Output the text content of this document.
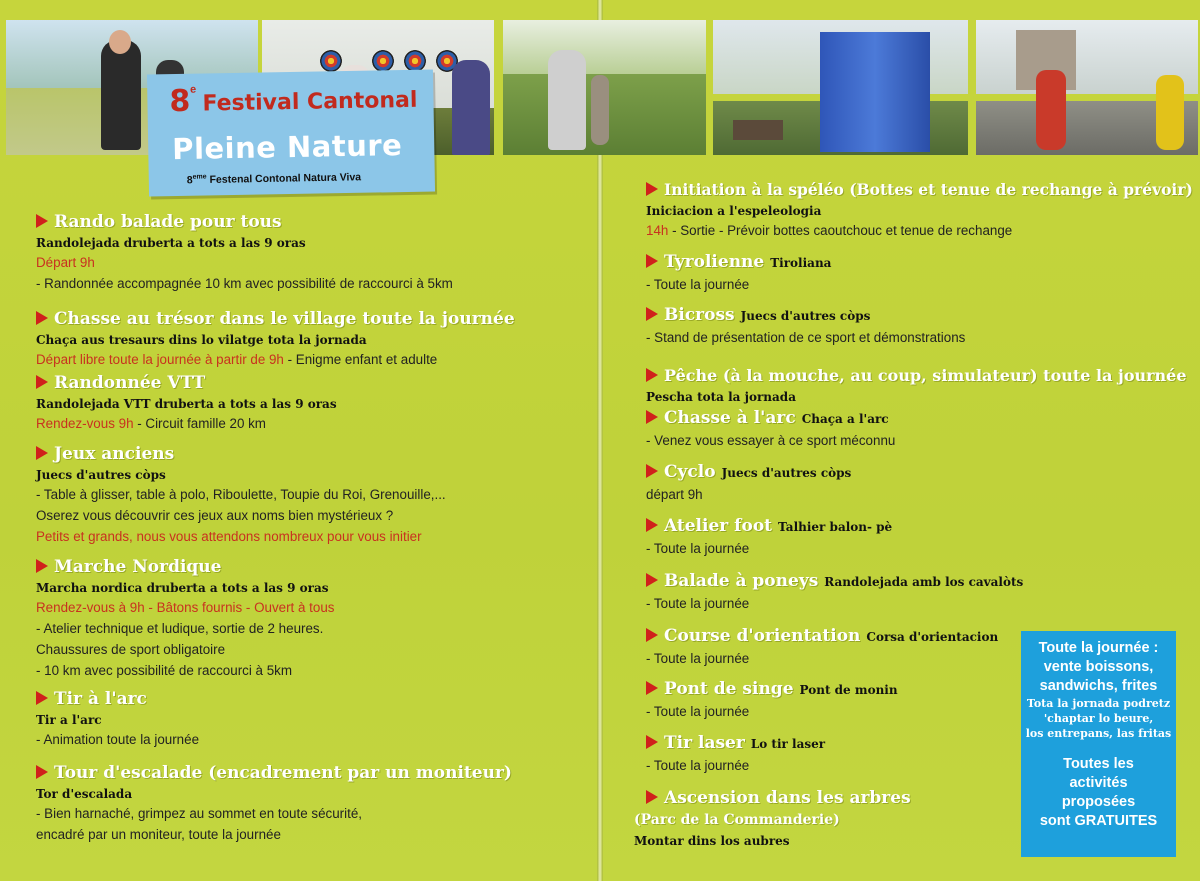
8e Festival Cantonal
Pleine Nature
8eme Festenal Contonal Natura Viva
Rando balade pour tous
Randolejada druberta a tots a las 9 oras
Départ 9h
- Randonnée accompagnée 10 km avec possibilité de raccourci à 5km
Chasse au trésor dans le village toute la journée
Chaça aus tresaurs dins lo vilatge tota la jornada
Départ libre toute la journée à partir de 9h - Enigme enfant et adulte
Randonnée VTT
Randolejada VTT druberta a tots a las 9 oras
Rendez-vous 9h - Circuit famille 20 km
Jeux anciens
Juecs d'autres còps
- Table à glisser, table à polo, Riboulette, Toupie du Roi, Grenouille,...
Oserez vous découvrir ces jeux aux noms bien mystérieux ?
Petits et grands, nous vous attendons nombreux pour vous initier
Marche Nordique
Marcha nordica druberta a tots a las 9 oras
Rendez-vous à 9h - Bâtons fournis - Ouvert à tous
- Atelier technique et ludique, sortie de 2 heures.
Chaussures de sport obligatoire
- 10 km avec possibilité de raccourci à 5km
Tir à l'arc
Tir a l'arc
- Animation toute la journée
Tour d'escalade (encadrement par un moniteur)
Tor d'escalada
- Bien harnaché, grimpez au sommet en toute sécurité,
encadré par un moniteur, toute la journée
Initiation à la spéléo (Bottes et tenue de rechange à prévoir)
Iniciacion a l'espeleologia
14h - Sortie - Prévoir bottes caoutchouc et tenue de rechange
Tyrolienne Tiroliana
- Toute la journée
Bicross Juecs d'autres còps
- Stand de présentation de ce sport et démonstrations
Pêche (à la mouche, au coup, simulateur) toute la journée
Pescha tota la jornada
Chasse à l'arc Chaça a l'arc
- Venez vous essayer à ce sport méconnu
Cyclo Juecs d'autres còps
départ 9h
Atelier foot Talhier balon- pè
- Toute la journée
Balade à poneys Randolejada amb los cavalòts
- Toute la journée
Course d'orientation Corsa d'orientacion
- Toute la journée
Pont de singe Pont de monin
- Toute la journée
Tir laser Lo tir laser
- Toute la journée
Ascension dans les arbres
(Parc de la Commanderie)
Montar dins los aubres
Toute la journée :
vente boissons,
sandwichs, frites
Tota la jornada podretz
'chaptar lo beure,
los entrepans, las fritas
Toutes les
activités
proposées
sont GRATUITES
